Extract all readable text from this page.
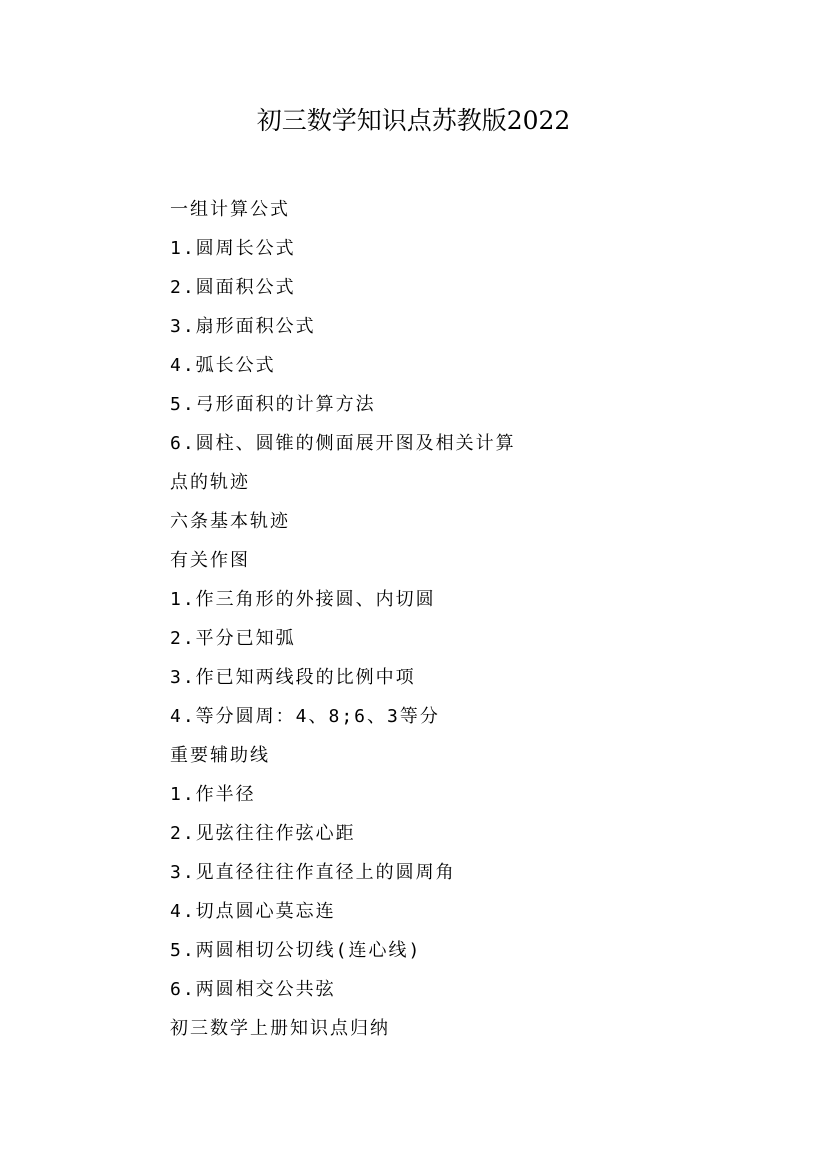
初三数学知识点苏教版2022
一组计算公式
1.圆周长公式
2.圆面积公式
3.扇形面积公式
4.弧长公式
5.弓形面积的计算方法
6.圆柱、圆锥的侧面展开图及相关计算
点的轨迹
六条基本轨迹
有关作图
1.作三角形的外接圆、内切圆
2.平分已知弧
3.作已知两线段的比例中项
4.等分圆周：4、8;6、3等分
重要辅助线
1.作半径
2.见弦往往作弦心距
3.见直径往往作直径上的圆周角
4.切点圆心莫忘连
5.两圆相切公切线(连心线)
6.两圆相交公共弦
初三数学上册知识点归纳
